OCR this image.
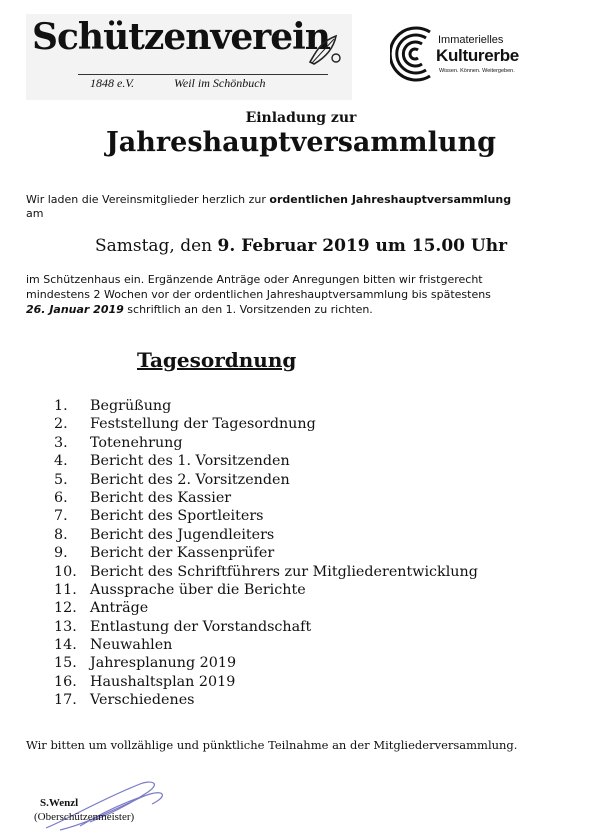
Schützenverein
1848 e.V.	Weil im Schönbuch
Immaterielles
Kulturerbe
Wissen. Können. Weitergeben.
Einladung zur
Jahreshauptversammlung
Wir laden die Vereinsmitglieder herzlich zur ordentlichen Jahreshauptversammlung
am
Samstag, den 9. Februar 2019 um 15.00 Uhr
im Schützenhaus ein. Ergänzende Anträge oder Anregungen bitten wir fristgerecht
mindestens 2 Wochen vor der ordentlichen Jahreshauptversammlung bis spätestens
26. Januar 2019 schriftlich an den 1. Vorsitzenden zu richten.
Tagesordnung
1. Begrüßung
2. Feststellung der Tagesordnung
3. Totenehrung
4. Bericht des 1. Vorsitzenden
5. Bericht des 2. Vorsitzenden
6. Bericht des Kassier
7. Bericht des Sportleiters
8. Bericht des Jugendleiters
9. Bericht der Kassenprüfer
10. Bericht des Schriftführers zur Mitgliederentwicklung
11. Aussprache über die Berichte
12. Anträge
13. Entlastung der Vorstandschaft
14. Neuwahlen
15. Jahresplanung 2019
16. Haushaltsplan 2019
17. Verschiedenes
Wir bitten um vollzählige und pünktliche Teilnahme an der Mitgliederversammlung.
S.Wenzl
(Oberschützenmeister)
